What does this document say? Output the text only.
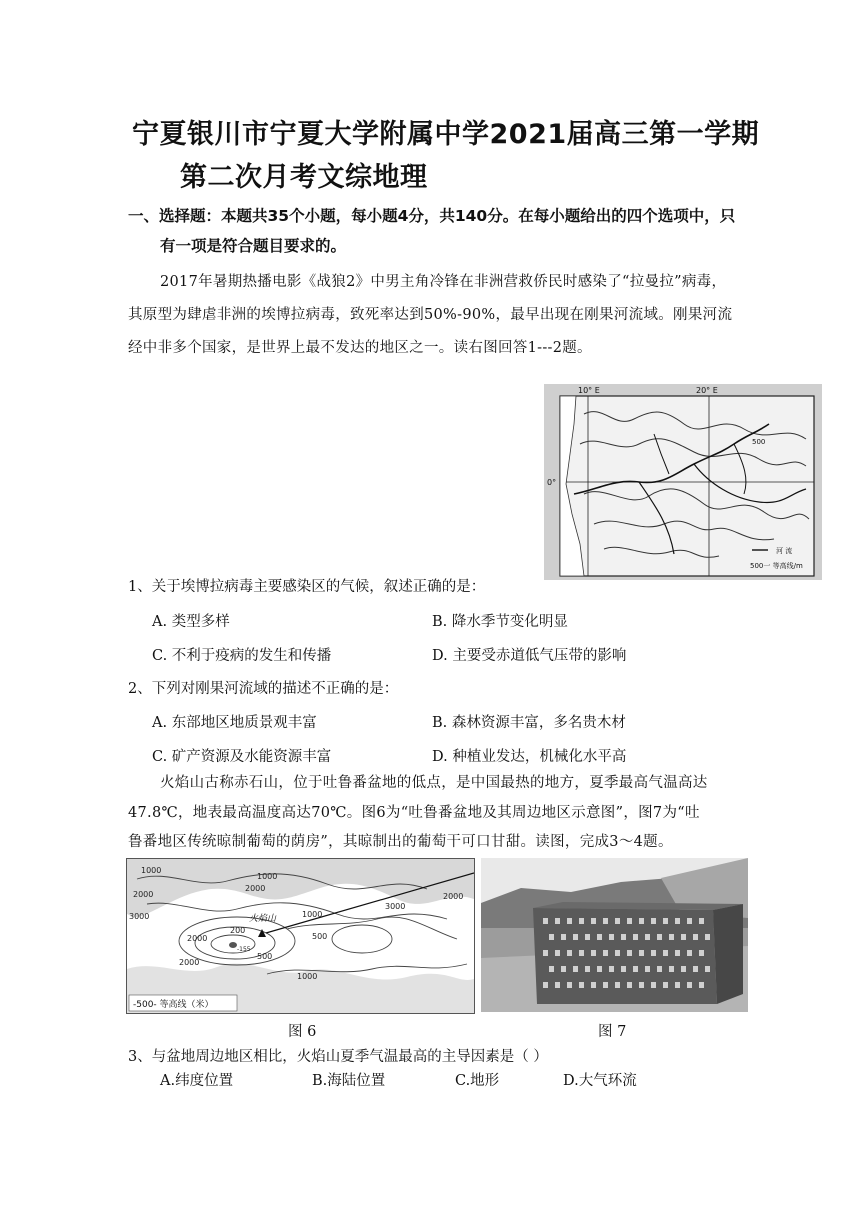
宁夏银川市宁夏大学附属中学2021届高三第一学期
第二次月考文综地理
一、选择题：本题共35个小题，每小题4分，共140分。在每小题给出的四个选项中，只
有一项是符合题目要求的。
2017年暑期热播电影《战狼2》中男主角冷锋在非洲营救侨民时感染了“拉曼拉”病毒，
其原型为肆虐非洲的埃博拉病毒，致死率达到50%-90%，最早出现在刚果河流域。刚果河流
经中非多个国家，是世界上最不发达的地区之一。读右图回答1---2题。
10° E	20° E
0°
500
河 流
500一 等高线/m
1、关于埃博拉病毒主要感染区的气候，叙述正确的是：
A. 类型多样	B. 降水季节变化明显
C. 不利于疫病的发生和传播	D. 主要受赤道低气压带的影响
2、下列对刚果河流域的描述不正确的是：
A. 东部地区地质景观丰富	B. 森林资源丰富，多名贵木材
C. 矿产资源及水能资源丰富	D. 种植业发达，机械化水平高
火焰山古称赤石山，位于吐鲁番盆地的低点，是中国最热的地方，夏季最高气温高达
47.8℃，地表最高温度高达70℃。图6为“吐鲁番盆地及其周边地区示意图”，图7为“吐
鲁番地区传统晾制葡萄的荫房”，其晾制出的葡萄干可口甘甜。读图，完成3～4题。
火焰山
1000
2000
3000
1000
2000
3000
200
1000
500
2000
1000
500
2000
-155
2000
-500- 等高线（米）
图 6	图 7
3、与盆地周边地区相比，火焰山夏季气温最高的主导因素是（ ）
A.纬度位置	B.海陆位置	C.地形	D.大气环流
